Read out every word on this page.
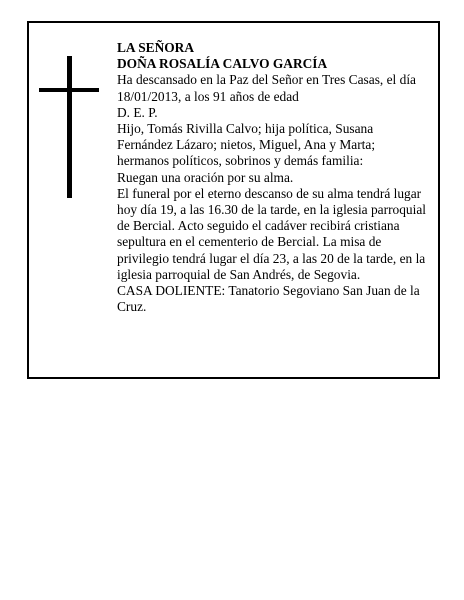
LA SEÑORA

DOÑA ROSALÍA CALVO GARCÍA

Ha descansado en la Paz del Señor en Tres Casas, el día 18/01/2013, a los 91 años de edad

D. E. P.

Hijo, Tomás Rivilla Calvo; hija política, Susana Fernández Lázaro; nietos, Miguel, Ana y Marta; hermanos políticos, sobrinos y demás familia:

Ruegan una oración por su alma.

El funeral por el eterno descanso de su alma tendrá lugar hoy día 19, a las 16.30 de la tarde, en la iglesia parroquial de Bercial. Acto seguido el cadáver recibirá cristiana sepultura en el cementerio de Bercial. La misa de privilegio tendrá lugar el día 23, a las 20 de la tarde, en la iglesia parroquial de San Andrés, de Segovia.

CASA DOLIENTE: Tanatorio Segoviano San Juan de la Cruz.
